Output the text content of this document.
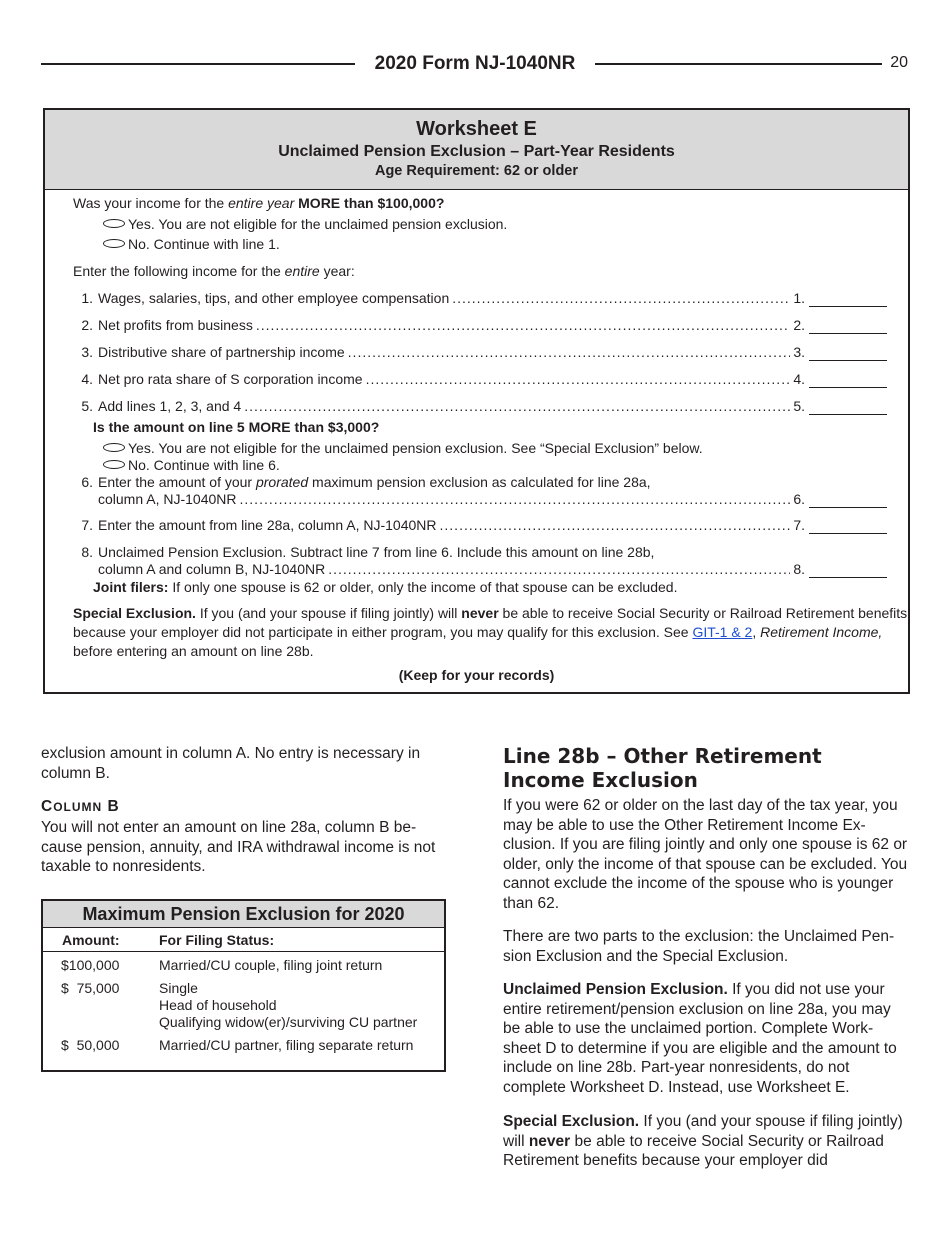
2020 Form NJ-1040NR	20
Worksheet E
Unclaimed Pension Exclusion – Part-Year Residents
Age Requirement: 62 or older
Was your income for the entire year MORE than $100,000?
Yes. You are not eligible for the unclaimed pension exclusion.
No. Continue with line 1.
Enter the following income for the entire year:
1. Wages, salaries, tips, and other employee compensation .....	1.
2. Net profits from business .....	2.
3. Distributive share of partnership income .....	3.
4. Net pro rata share of S corporation income .....	4.
5. Add lines 1, 2, 3, and 4 .....	5.
Is the amount on line 5 MORE than $3,000?
Yes. You are not eligible for the unclaimed pension exclusion. See “Special Exclusion” below.
No. Continue with line 6.
6. Enter the amount of your prorated maximum pension exclusion as calculated for line 28a,
column A, NJ-1040NR .....	6.
7. Enter the amount from line 28a, column A, NJ-1040NR .....	7.
8. Unclaimed Pension Exclusion. Subtract line 7 from line 6. Include this amount on line 28b,
column A and column B, NJ-1040NR .....	8.
Joint filers: If only one spouse is 62 or older, only the income of that spouse can be excluded.
Special Exclusion. If you (and your spouse if filing jointly) will never be able to receive Social Security or Railroad Retirement benefits because your employer did not participate in either program, you may qualify for this exclusion. See GIT-1 & 2, Retirement Income, before entering an amount on line 28b.
(Keep for your records)
exclusion amount in column A. No entry is necessary in column B.
COLUMN B
You will not enter an amount on line 28a, column B be-cause pension, annuity, and IRA withdrawal income is not taxable to nonresidents.
Maximum Pension Exclusion for 2020
Amount:	For Filing Status:
$100,000	Married/CU couple, filing joint return
$  75,000	Single
Head of household
Qualifying widow(er)/surviving CU partner
$  50,000	Married/CU partner, filing separate return
Line 28b – Other Retirement Income Exclusion
If you were 62 or older on the last day of the tax year, you may be able to use the Other Retirement Income Ex-clusion. If you are filing jointly and only one spouse is 62 or older, only the income of that spouse can be excluded. You cannot exclude the income of the spouse who is younger than 62.
There are two parts to the exclusion: the Unclaimed Pen-sion Exclusion and the Special Exclusion.
Unclaimed Pension Exclusion. If you did not use your entire retirement/pension exclusion on line 28a, you may be able to use the unclaimed portion. Complete Work-sheet D to determine if you are eligible and the amount to include on line 28b. Part-year nonresidents, do not complete Worksheet D. Instead, use Worksheet E.
Special Exclusion. If you (and your spouse if filing jointly) will never be able to receive Social Security or Railroad Retirement benefits because your employer did
